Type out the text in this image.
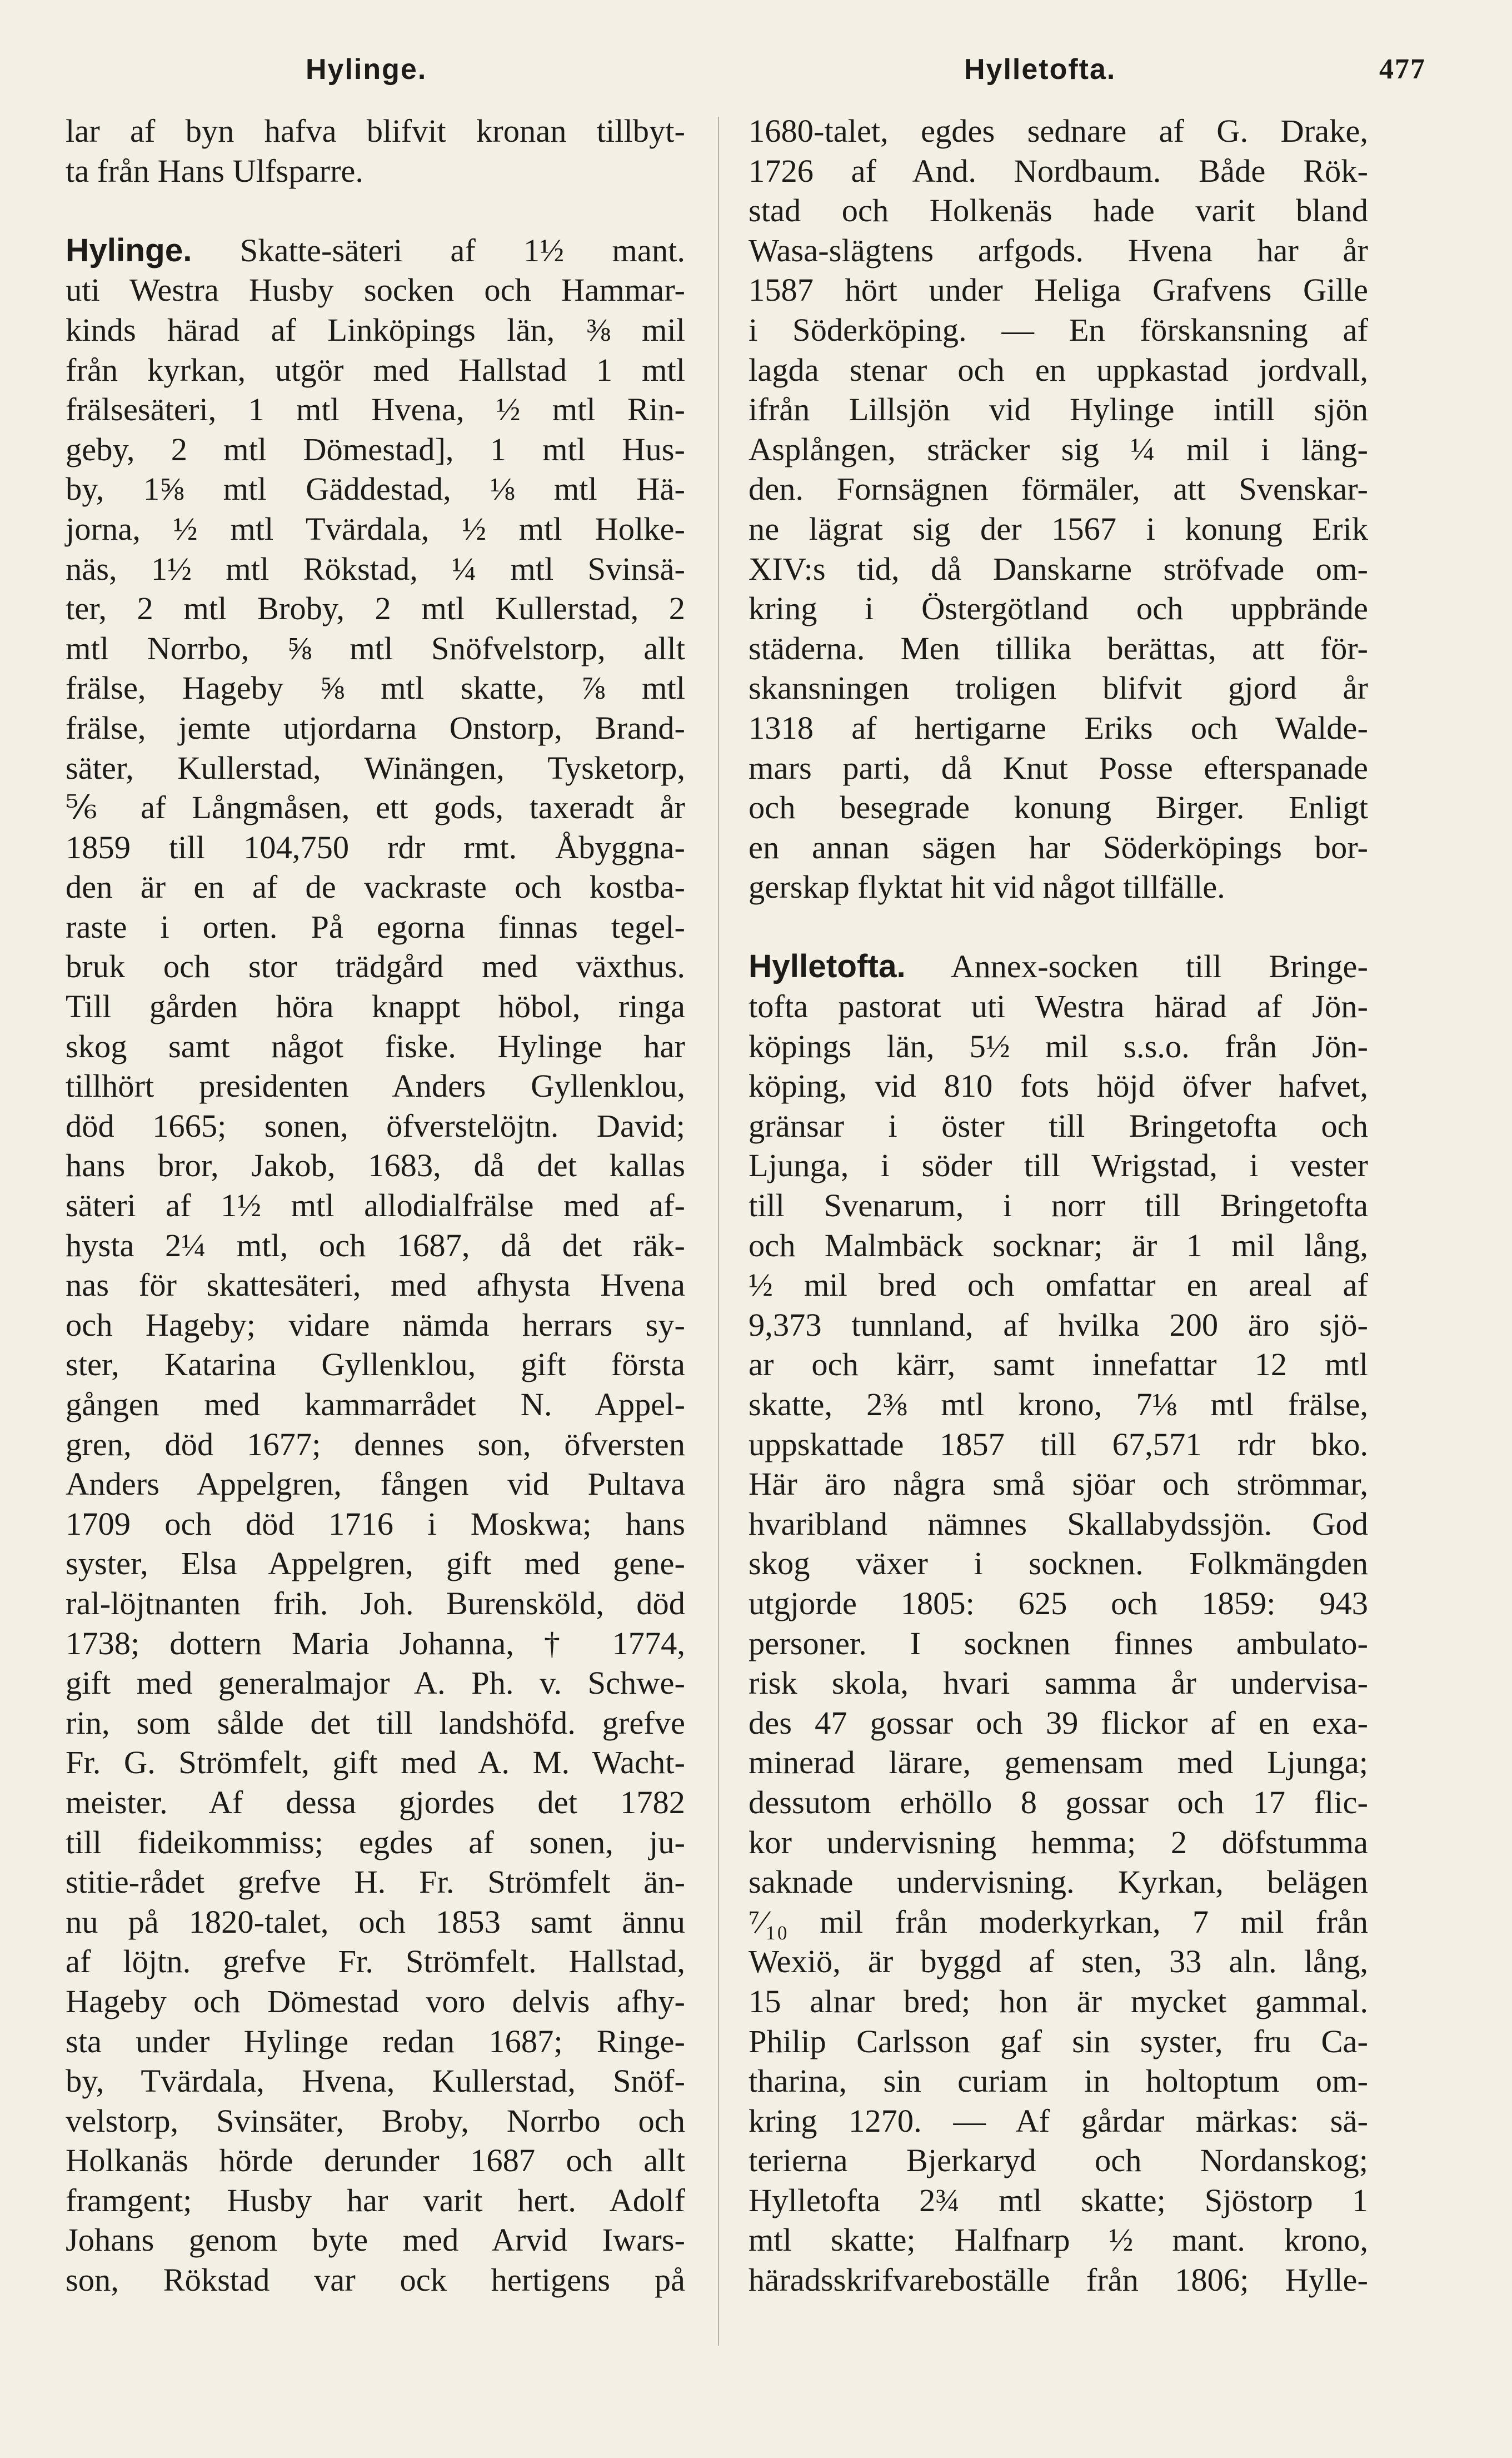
Hylinge.	Hylletofta.	477
lar af byn hafva blifvit kronan tillbyt-
ta från Hans Ulfsparre.
Hylinge. Skatte-säteri af 1½ mant.
uti Westra Husby socken och Hammar-
kinds härad af Linköpings län, ⅜ mil
från kyrkan, utgör med Hallstad 1 mtl
frälsesäteri, 1 mtl Hvena, ½ mtl Rin-
geby, 2 mtl Dömestad], 1 mtl Hus-
by, 1⅝ mtl Gäddestad, ⅛ mtl Hä-
jorna, ½ mtl Tvärdala, ½ mtl Holke-
näs, 1½ mtl Rökstad, ¼ mtl Svinsä-
ter, 2 mtl Broby, 2 mtl Kullerstad, 2
mtl Norrbo, ⅝ mtl Snöfvelstorp, allt
frälse, Hageby ⅝ mtl skatte, ⅞ mtl
frälse, jemte utjordarna Onstorp, Brand-
säter, Kullerstad, Winängen, Tysketorp,
⅚ af Långmåsen, ett gods, taxeradt år
1859 till 104,750 rdr rmt. Åbyggna-
den är en af de vackraste och kostba-
raste i orten. På egorna finnas tegel-
bruk och stor trädgård med växthus.
Till gården höra knappt höbol, ringa
skog samt något fiske. Hylinge har
tillhört presidenten Anders Gyllenklou,
död 1665; sonen, öfverstelöjtn. David;
hans bror, Jakob, 1683, då det kallas
säteri af 1½ mtl allodialfrälse med af-
hysta 2¼ mtl, och 1687, då det räk-
nas för skattesäteri, med afhysta Hvena
och Hageby; vidare nämda herrars sy-
ster, Katarina Gyllenklou, gift första
gången med kammarrådet N. Appel-
gren, död 1677; dennes son, öfversten
Anders Appelgren, fången vid Pultava
1709 och död 1716 i Moskwa; hans
syster, Elsa Appelgren, gift med gene-
ral-löjtnanten frih. Joh. Burensköld, död
1738; dottern Maria Johanna, † 1774,
gift med generalmajor A. Ph. v. Schwe-
rin, som sålde det till landshöfd. grefve
Fr. G. Strömfelt, gift med A. M. Wacht-
meister. Af dessa gjordes det 1782
till fideikommiss; egdes af sonen, ju-
stitie-rådet grefve H. Fr. Strömfelt än-
nu på 1820-talet, och 1853 samt ännu
af löjtn. grefve Fr. Strömfelt. Hallstad,
Hageby och Dömestad voro delvis afhy-
sta under Hylinge redan 1687; Ringe-
by, Tvärdala, Hvena, Kullerstad, Snöf-
velstorp, Svinsäter, Broby, Norrbo och
Holkanäs hörde derunder 1687 och allt
framgent; Husby har varit hert. Adolf
Johans genom byte med Arvid Iwars-
son, Rökstad var ock hertigens på
1680-talet, egdes sednare af G. Drake,
1726 af And. Nordbaum. Både Rök-
stad och Holkenäs hade varit bland
Wasa-slägtens arfgods. Hvena har år
1587 hört under Heliga Grafvens Gille
i Söderköping. — En förskansning af
lagda stenar och en uppkastad jordvall,
ifrån Lillsjön vid Hylinge intill sjön
Asplången, sträcker sig ¼ mil i läng-
den. Fornsägnen förmäler, att Svenskar-
ne lägrat sig der 1567 i konung Erik
XIV:s tid, då Danskarne ströfvade om-
kring i Östergötland och uppbrände
städerna. Men tillika berättas, att för-
skansningen troligen blifvit gjord år
1318 af hertigarne Eriks och Walde-
mars parti, då Knut Posse efterspanade
och besegrade konung Birger. Enligt
en annan sägen har Söderköpings bor-
gerskap flyktat hit vid något tillfälle.
Hylletofta. Annex-socken till Bringe-
tofta pastorat uti Westra härad af Jön-
köpings län, 5½ mil s.s.o. från Jön-
köping, vid 810 fots höjd öfver hafvet,
gränsar i öster till Bringetofta och
Ljunga, i söder till Wrigstad, i vester
till Svenarum, i norr till Bringetofta
och Malmbäck socknar; är 1 mil lång,
½ mil bred och omfattar en areal af
9,373 tunnland, af hvilka 200 äro sjö-
ar och kärr, samt innefattar 12 mtl
skatte, 2⅜ mtl krono, 7⅛ mtl frälse,
uppskattade 1857 till 67,571 rdr bko.
Här äro några små sjöar och strömmar,
hvaribland nämnes Skallabydssjön. God
skog växer i socknen. Folkmängden
utgjorde 1805: 625 och 1859: 943
personer. I socknen finnes ambulato-
risk skola, hvari samma år undervisa-
des 47 gossar och 39 flickor af en exa-
minerad lärare, gemensam med Ljunga;
dessutom erhöllo 8 gossar och 17 flic-
kor undervisning hemma; 2 döfstumma
saknade undervisning. Kyrkan, belägen
⁷⁄₁₀ mil från moderkyrkan, 7 mil från
Wexiö, är byggd af sten, 33 aln. lång,
15 alnar bred; hon är mycket gammal.
Philip Carlsson gaf sin syster, fru Ca-
tharina, sin curiam in holtoptum om-
kring 1270. — Af gårdar märkas: sä-
terierna Bjerkaryd och Nordanskog;
Hylletofta 2¾ mtl skatte; Sjöstorp 1
mtl skatte; Halfnarp ½ mant. krono,
häradsskrifvareboställe från 1806; Hylle-
